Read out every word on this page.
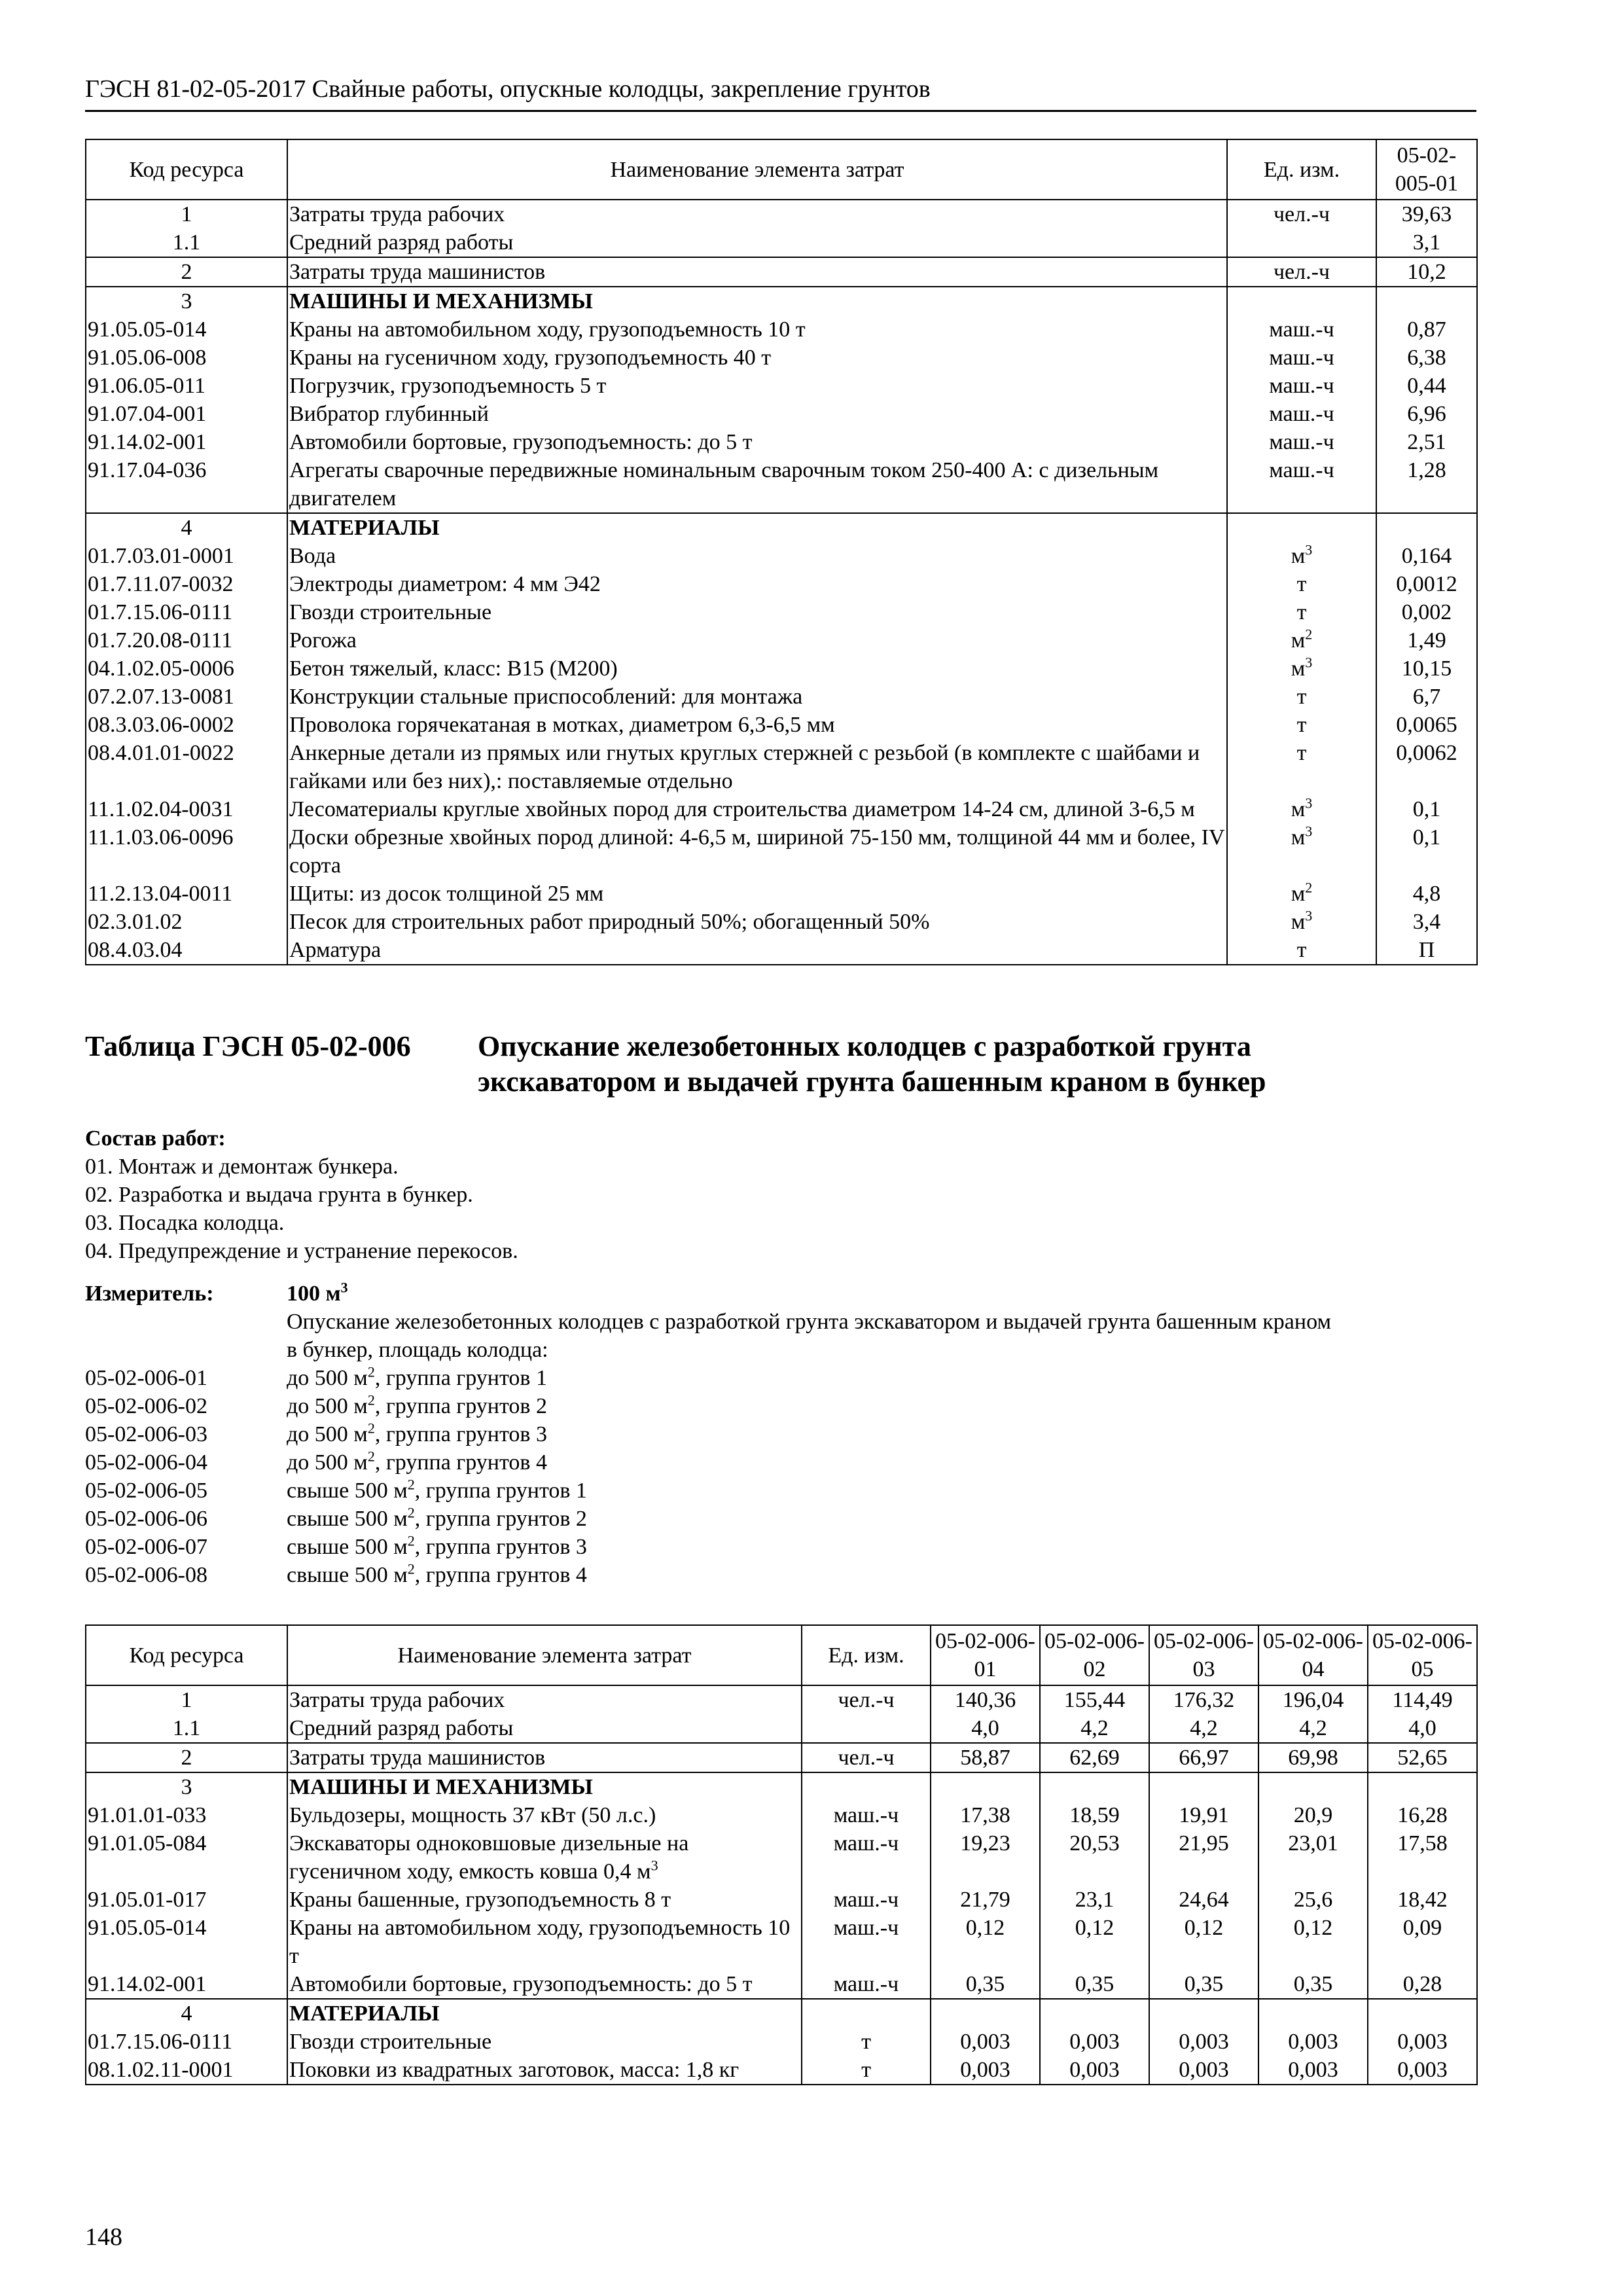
ГЭСН 81-02-05-2017 Свайные работы, опускные колодцы, закрепление грунтов
Код ресурса	Наименование элемента затрат	Ед. изм.	05-02-005-01
1	Затраты труда рабочих	чел.-ч	39,63
1.1	Средний разряд работы		3,1
2	Затраты труда машинистов	чел.-ч	10,2
3	МАШИНЫ И МЕХАНИЗМЫ		
91.05.05-014	Краны на автомобильном ходу, грузоподъемность 10 т	маш.-ч	0,87
91.05.06-008	Краны на гусеничном ходу, грузоподъемность 40 т	маш.-ч	6,38
91.06.05-011	Погрузчик, грузоподъемность 5 т	маш.-ч	0,44
91.07.04-001	Вибратор глубинный	маш.-ч	6,96
91.14.02-001	Автомобили бортовые, грузоподъемность: до 5 т	маш.-ч	2,51
91.17.04-036	Агрегаты сварочные передвижные номинальным сварочным током 250-400 А: с дизельным двигателем	маш.-ч	1,28
4	МАТЕРИАЛЫ		
01.7.03.01-0001	Вода	$м^3$	0,164
01.7.11.07-0032	Электроды диаметром: 4 мм Э42	т	0,0012
01.7.15.06-0111	Гвозди строительные	т	0,002
01.7.20.08-0111	Рогожа	$м^2$	1,49
04.1.02.05-0006	Бетон тяжелый, класс: В15 (М200)	$м^3$	10,15
07.2.07.13-0081	Конструкции стальные приспособлений: для монтажа	т	6,7
08.3.03.06-0002	Проволока горячекатаная в мотках, диаметром 6,3-6,5 мм	т	0,0065
08.4.01.01-0022	Анкерные детали из прямых или гнутых круглых стержней с резьбой (в комплекте с шайбами и гайками или без них),: поставляемые отдельно	т	0,0062
11.1.02.04-0031	Лесоматериалы круглые хвойных пород для строительства диаметром 14-24 см, длиной 3-6,5 м	$м^3$	0,1
11.1.03.06-0096	Доски обрезные хвойных пород длиной: 4-6,5 м, шириной 75-150 мм, толщиной 44 мм и более, IV сорта	$м^3$	0,1
11.2.13.04-0011	Щиты: из досок толщиной 25 мм	$м^2$	4,8
02.3.01.02	Песок для строительных работ природный 50%; обогащенный 50%	$м^3$	3,4
08.4.03.04	Арматура	т	П
Таблица ГЭСН 05-02-006	Опускание железобетонных колодцев с разработкой грунта
экскаватором и выдачей грунта башенным краном в бункер
Состав работ:
01. Монтаж и демонтаж бункера.
02. Разработка и выдача грунта в бункер.
03. Посадка колодца.
04. Предупреждение и устранение перекосов.
Измеритель:	100 $м^3$
Опускание железобетонных колодцев с разработкой грунта экскаватором и выдачей грунта башенным краном
в бункер, площадь колодца:
05-02-006-01	до 500 $м^2$, группа грунтов 1
05-02-006-02	до 500 $м^2$, группа грунтов 2
05-02-006-03	до 500 $м^2$, группа грунтов 3
05-02-006-04	до 500 $м^2$, группа грунтов 4
05-02-006-05	свыше 500 $м^2$, группа грунтов 1
05-02-006-06	свыше 500 $м^2$, группа грунтов 2
05-02-006-07	свыше 500 $м^2$, группа грунтов 3
05-02-006-08	свыше 500 $м^2$, группа грунтов 4
Код ресурса	Наименование элемента затрат	Ед. изм.	05-02-006-01	05-02-006-02	05-02-006-03	05-02-006-04	05-02-006-05
1	Затраты труда рабочих	чел.-ч	140,36	155,44	176,32	196,04	114,49
1.1	Средний разряд работы		4,0	4,2	4,2	4,2	4,0
2	Затраты труда машинистов	чел.-ч	58,87	62,69	66,97	69,98	52,65
3	МАШИНЫ И МЕХАНИЗМЫ						
91.01.01-033	Бульдозеры, мощность 37 кВт (50 л.с.)	маш.-ч	17,38	18,59	19,91	20,9	16,28
91.01.05-084	Экскаваторы одноковшовые дизельные на гусеничном ходу, емкость ковша 0,4 $м^3$	маш.-ч	19,23	20,53	21,95	23,01	17,58
91.05.01-017	Краны башенные, грузоподъемность 8 т	маш.-ч	21,79	23,1	24,64	25,6	18,42
91.05.05-014	Краны на автомобильном ходу, грузоподъемность 10 т	маш.-ч	0,12	0,12	0,12	0,12	0,09
91.14.02-001	Автомобили бортовые, грузоподъемность: до 5 т	маш.-ч	0,35	0,35	0,35	0,35	0,28
4	МАТЕРИАЛЫ						
01.7.15.06-0111	Гвозди строительные	т	0,003	0,003	0,003	0,003	0,003
08.1.02.11-0001	Поковки из квадратных заготовок, масса: 1,8 кг	т	0,003	0,003	0,003	0,003	0,003
148
